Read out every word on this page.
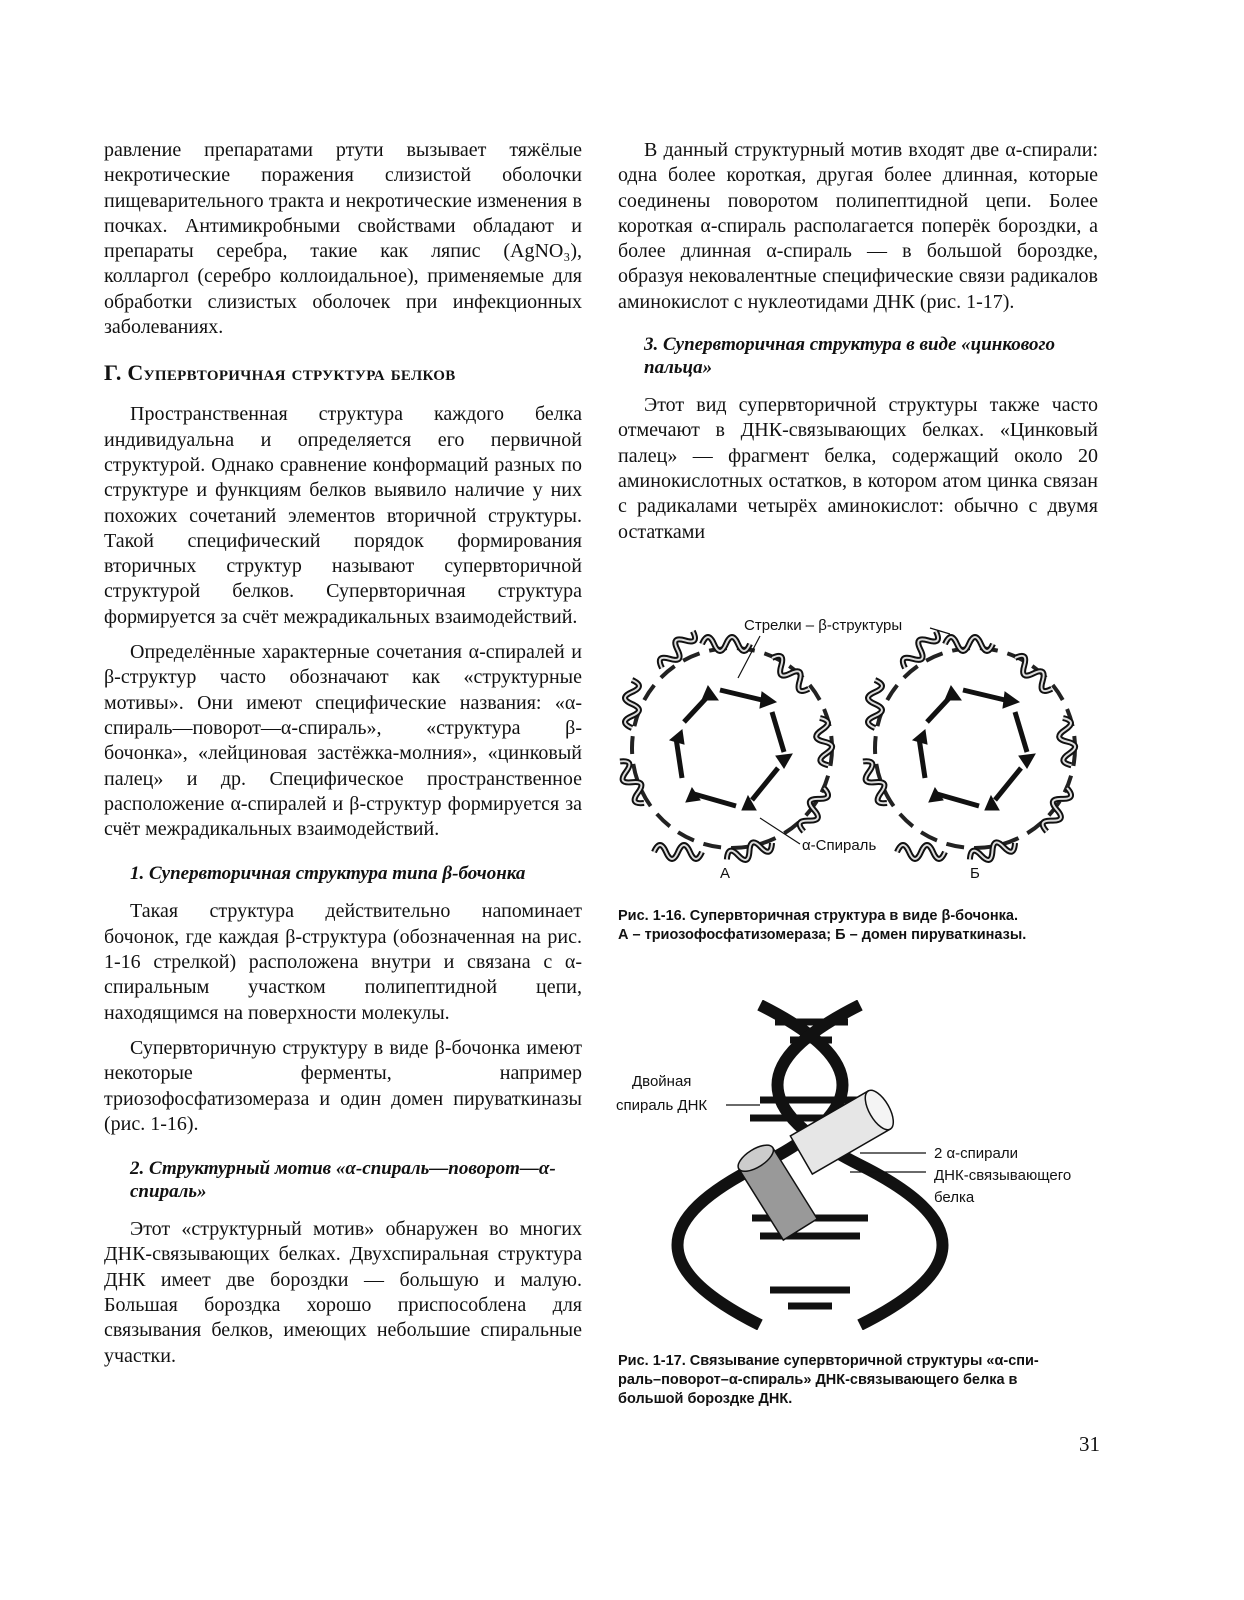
равление препаратами ртути вызывает тяжёлые некротические поражения слизистой оболочки пищеварительного тракта и некротические изменения в почках. Антимикробными свойствами обладают и препараты серебра, такие как ляпис (AgNO₃), колларгол (серебро коллоидальное), применяемые для обработки слизистых оболочек при инфекционных заболеваниях.

Г. Супервторичная структура белков

Пространственная структура каждого белка индивидуальна и определяется его первичной структурой. Однако сравнение конформаций разных по структуре и функциям белков выявило наличие у них похожих сочетаний элементов вторичной структуры. Такой специфический порядок формирования вторичных структур называют супервторичной структурой белков. Супервторичная структура формируется за счёт межрадикальных взаимодействий.

Определённые характерные сочетания α-спиралей и β-структур часто обозначают как «структурные мотивы». Они имеют специфические названия: «α-спираль—поворот—α-спираль», «структура β-бочонка», «лейциновая застёжка-молния», «цинковый палец» и др. Специфическое пространственное расположение α-спиралей и β-структур формируется за счёт межрадикальных взаимодействий.

1. Супервторичная структура типа β-бочонка

Такая структура действительно напоминает бочонок, где каждая β-структура (обозначенная на рис. 1-16 стрелкой) расположена внутри и связана с α-спиральным участком полипептидной цепи, находящимся на поверхности молекулы.

Супервторичную структуру в виде β-бочонка имеют некоторые ферменты, например триозофосфатизомераза и один домен пируваткиназы (рис. 1-16).

2. Структурный мотив «α-спираль—поворот—α-спираль»

Этот «структурный мотив» обнаружен во многих ДНК-связывающих белках. Двухспиральная структура ДНК имеет две бороздки — большую и малую. Большая бороздка хорошо приспособлена для связывания белков, имеющих небольшие спиральные участки.

В данный структурный мотив входят две α-спирали: одна более короткая, другая более длинная, которые соединены поворотом полипептидной цепи. Более короткая α-спираль располагается поперёк бороздки, а более длинная α-спираль — в большой бороздке, образуя нековалентные специфические связи радикалов аминокислот с нуклеотидами ДНК (рис. 1-17).

3. Супервторичная структура в виде «цинкового пальца»

Этот вид супервторичной структуры также часто отмечают в ДНК-связывающих белках. «Цинковый палец» — фрагмент белка, содержащий около 20 аминокислотных остатков, в котором атом цинка связан с радикалами четырёх аминокислот: обычно с двумя остатками

Стрелки – β-структуры
α-Спираль
А	Б
Рис. 1-16. Супервторичная структура в виде β-бочонка.
А – триозофосфатизомераза; Б – домен пируваткиназы.
Двойная
спираль ДНК
2 α-спирали
ДНК-связывающего
белка
Рис. 1-17. Связывание супервторичной структуры «α-спи-
раль–поворот–α-спираль» ДНК-связывающего белка в
большой бороздке ДНК.
31
